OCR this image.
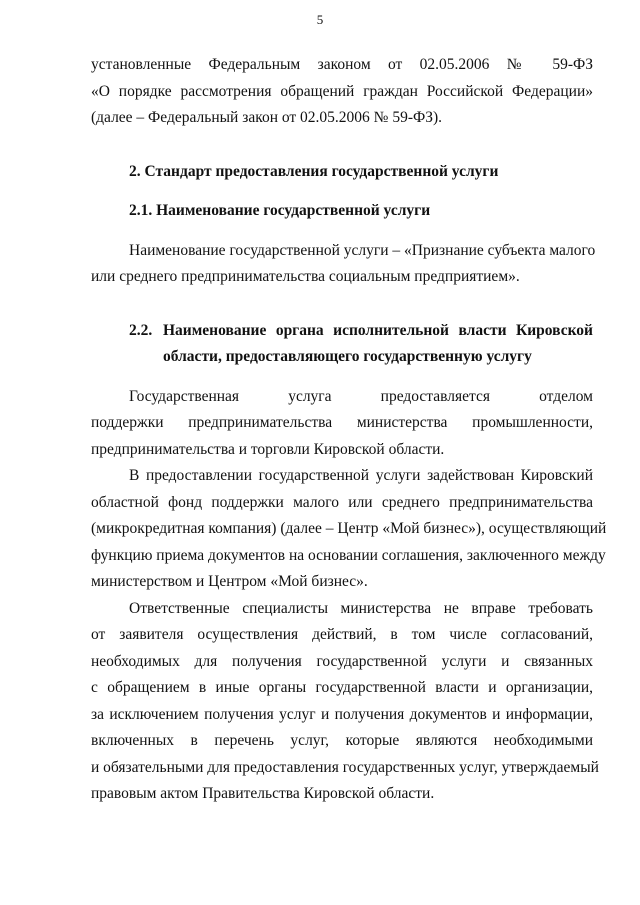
5

установленные Федеральным законом от 02.05.2006 № 59-ФЗ
«О порядке рассмотрения обращений граждан Российской Федерации»
(далее – Федеральный закон от 02.05.2006 № 59-ФЗ).

2. Стандарт предоставления государственной услуги

2.1. Наименование государственной услуги

Наименование государственной услуги – «Признание субъекта малого
или среднего предпринимательства социальным предприятием».

2.2. Наименование органа исполнительной власти Кировской
области, предоставляющего государственную услугу

Государственная услуга предоставляется отделом
поддержки предпринимательства министерства промышленности,
предпринимательства и торговли Кировской области.

В предоставлении государственной услуги задействован Кировский
областной фонд поддержки малого или среднего предпринимательства
(микрокредитная компания) (далее – Центр «Мой бизнес»), осуществляющий
функцию приема документов на основании соглашения, заключенного между
министерством и Центром «Мой бизнес».

Ответственные специалисты министерства не вправе требовать
от заявителя осуществления действий, в том числе согласований,
необходимых для получения государственной услуги и связанных
с обращением в иные органы государственной власти и организации,
за исключением получения услуг и получения документов и информации,
включенных в перечень услуг, которые являются необходимыми
и обязательными для предоставления государственных услуг, утверждаемый
правовым актом Правительства Кировской области.
